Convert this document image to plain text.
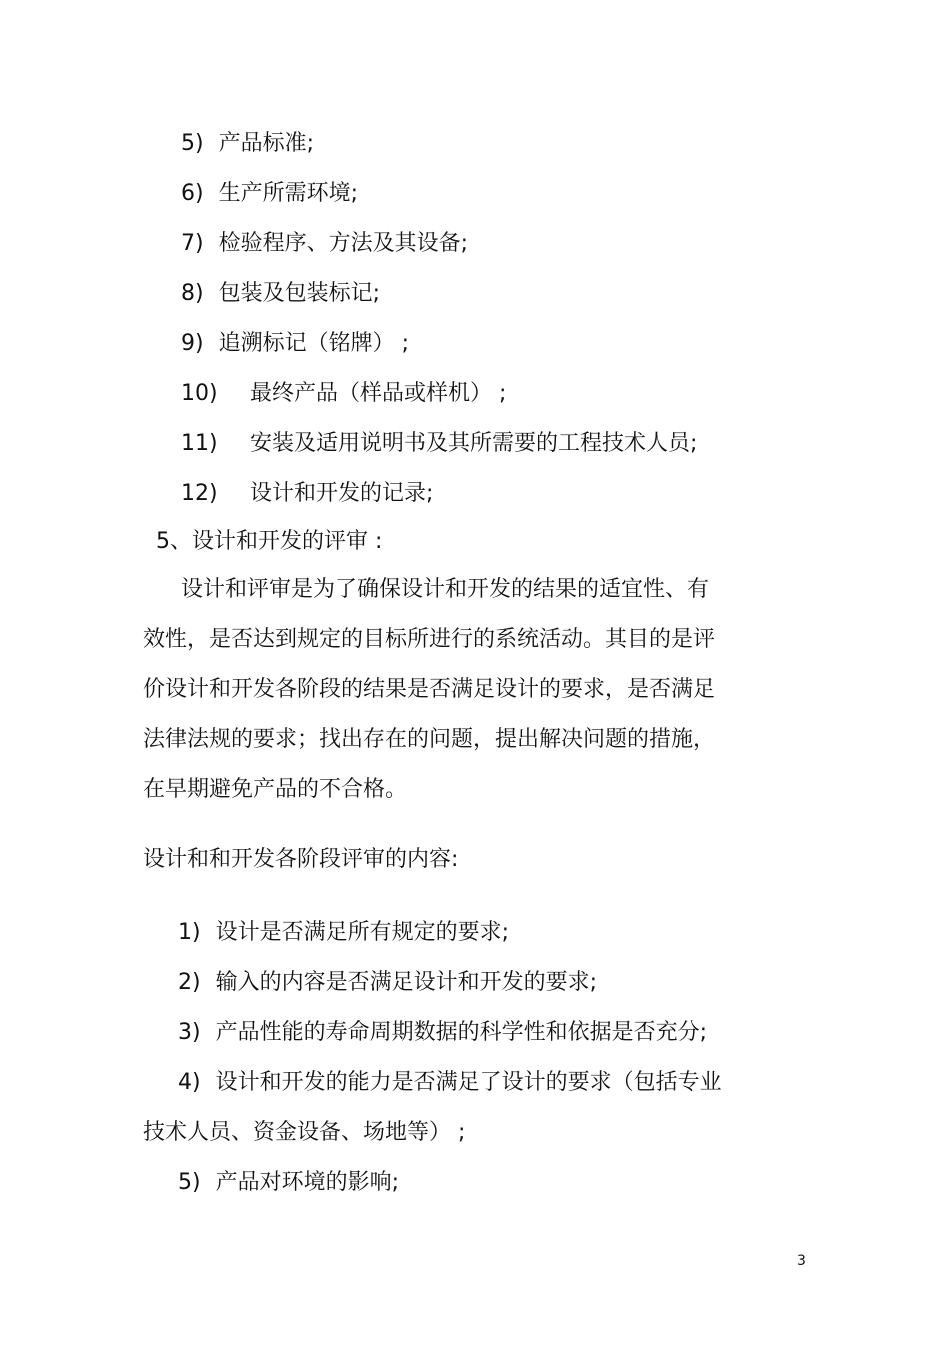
5) 产品标准;
6) 生产所需环境;
7) 检验程序、方法及其设备;
8) 包装及包装标记;
9) 追溯标记（铭牌） ;
10) 最终产品（样品或样机） ;
11) 安装及适用说明书及其所需要的工程技术人员;
12) 设计和开发的记录;
5、设计和开发的评审 :
设计和评审是为了确保设计和开发的结果的适宜性、有
效性，是否达到规定的目标所进行的系统活动。其目的是评
价设计和开发各阶段的结果是否满足设计的要求，是否满足
法律法规的要求；找出存在的问题，提出解决问题的措施，
在早期避免产品的不合格。
设计和和开发各阶段评审的内容:
1) 设计是否满足所有规定的要求;
2) 输入的内容是否满足设计和开发的要求;
3) 产品性能的寿命周期数据的科学性和依据是否充分;
4) 设计和开发的能力是否满足了设计的要求（包括专业
技术人员、资金设备、场地等） ;
5) 产品对环境的影响;
3
